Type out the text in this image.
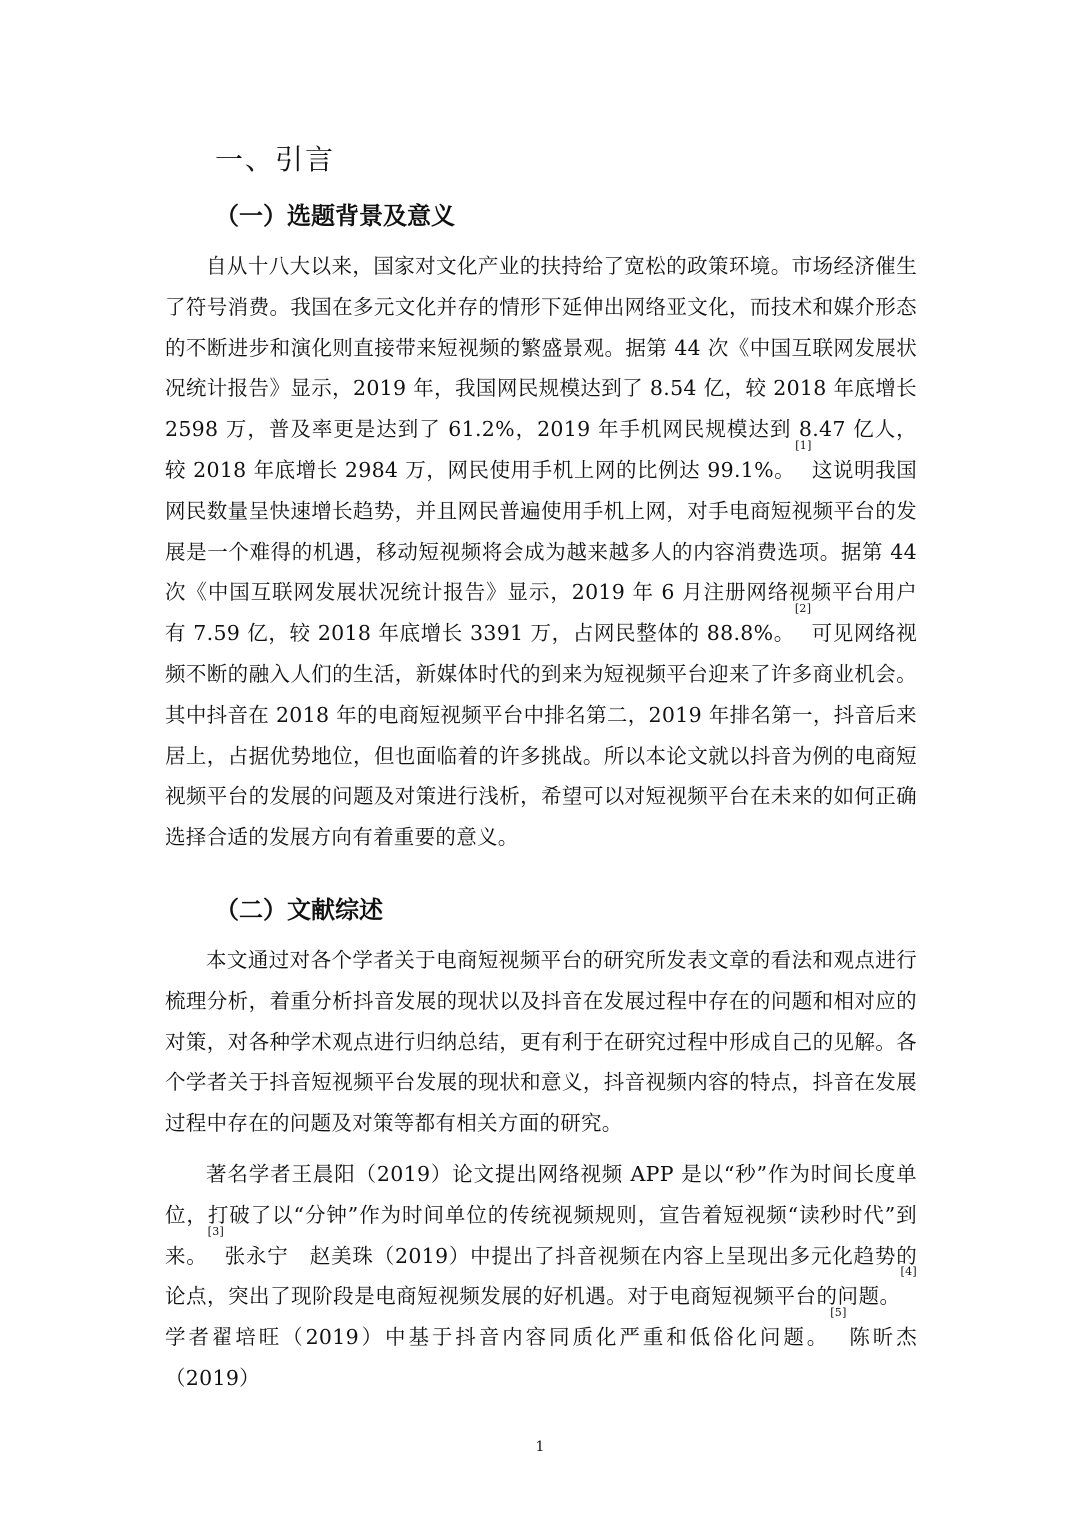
一、引言
（一）选题背景及意义

自从十八大以来，国家对文化产业的扶持给了宽松的政策环境。市场经济催生了符号消费。我国在多元文化并存的情形下延伸出网络亚文化，而技术和媒介形态的不断进步和演化则直接带来短视频的繁盛景观。据第 44 次《中国互联网发展状况统计报告》显示，2019 年，我国网民规模达到了 8.54 亿，较 2018 年底增长 2598 万，普及率更是达到了 61.2%，2019 年手机网民规模达到 8.47 亿人，较 2018 年底增长 2984 万，网民使用手机上网的比例达 99.1%。[1]这说明我国网民数量呈快速增长趋势，并且网民普遍使用手机上网，对手电商短视频平台的发展是一个难得的机遇，移动短视频将会成为越来越多人的内容消费选项。据第 44 次《中国互联网发展状况统计报告》显示，2019 年 6 月注册网络视频平台用户有 7.59 亿，较 2018 年底增长 3391 万，占网民整体的 88.8%。[2]可见网络视频不断的融入人们的生活，新媒体时代的到来为短视频平台迎来了许多商业机会。其中抖音在 2018 年的电商短视频平台中排名第二，2019 年排名第一，抖音后来居上，占据优势地位，但也面临着的许多挑战。所以本论文就以抖音为例的电商短视频平台的发展的问题及对策进行浅析，希望可以对短视频平台在未来的如何正确选择合适的发展方向有着重要的意义。

（二）文献综述

本文通过对各个学者关于电商短视频平台的研究所发表文章的看法和观点进行梳理分析，着重分析抖音发展的现状以及抖音在发展过程中存在的问题和相对应的对策，对各种学术观点进行归纳总结，更有利于在研究过程中形成自己的见解。各个学者关于抖音短视频平台发展的现状和意义，抖音视频内容的特点，抖音在发展过程中存在的问题及对策等都有相关方面的研究。

著名学者王晨阳（2019）论文提出网络视频 APP 是以“秒”作为时间长度单位，打破了以“分钟”作为时间单位的传统视频规则，宣告着短视频“读秒时代”到来。[3]张永宁　赵美珠（2019）中提出了抖音视频在内容上呈现出多元化趋势的论点，突出了现阶段是电商短视频发展的好机遇。对于电商短视频平台的问题。[4]学者翟培旺（2019）中基于抖音内容同质化严重和低俗化问题。[5]陈昕杰（2019）

1
